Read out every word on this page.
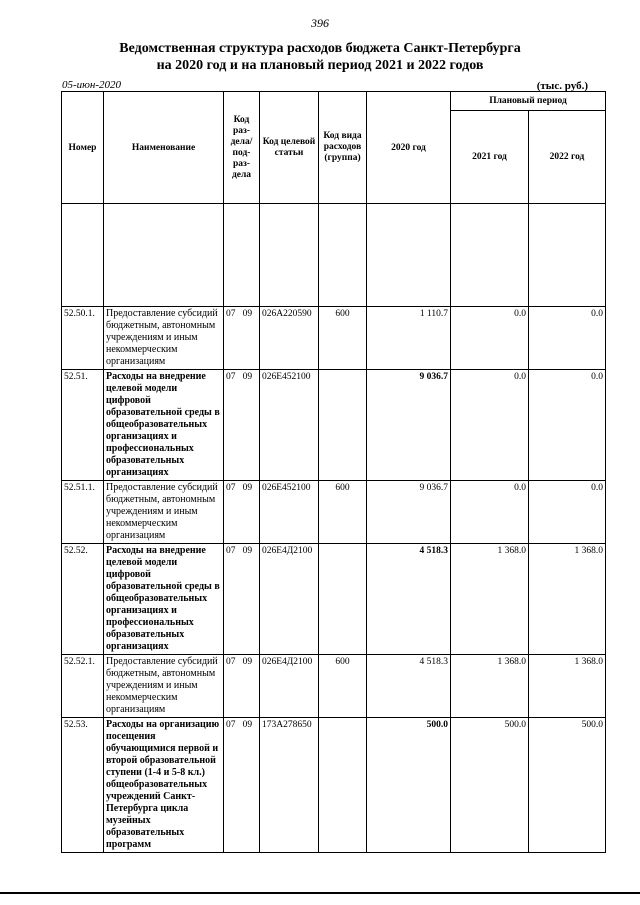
396
Ведомственная структура расходов бюджета Санкт-Петербурга
на 2020 год и на плановый период 2021 и 2022 годов
05-июн-2020	(тыс. руб.)
Номер	Наименование	Код раз-дела/ под-раз-дела	Код целевой статьи	Код вида расходов (группа)	2020 год	Плановый период	
						2021 год	2022 год

52.50.1.	Предоставление субсидий бюджетным, автономным учреждениям и иным некоммерческим организациям	07   09	026А220590	600	1 110.7	0.0	0.0
52.51.	Расходы на внедрение целевой модели цифровой образовательной среды в общеобразовательных организациях и профессиональных образовательных организациях	07   09	026Е452100		9 036.7	0.0	0.0
52.51.1.	Предоставление субсидий бюджетным, автономным учреждениям и иным некоммерческим организациям	07   09	026Е452100	600	9 036.7	0.0	0.0
52.52.	Расходы на внедрение целевой модели цифровой образовательной среды в общеобразовательных организациях и профессиональных образовательных организациях	07   09	026Е4Д2100		4 518.3	1 368.0	1 368.0
52.52.1.	Предоставление субсидий бюджетным, автономным учреждениям и иным некоммерческим организациям	07   09	026Е4Д2100	600	4 518.3	1 368.0	1 368.0
52.53.	Расходы на организацию посещения обучающимися первой и второй образовательной ступени (1-4 и 5-8 кл.) общеобразовательных учреждений Санкт-Петербурга цикла музейных образовательных программ	07   09	173А278650		500.0	500.0	500.0
